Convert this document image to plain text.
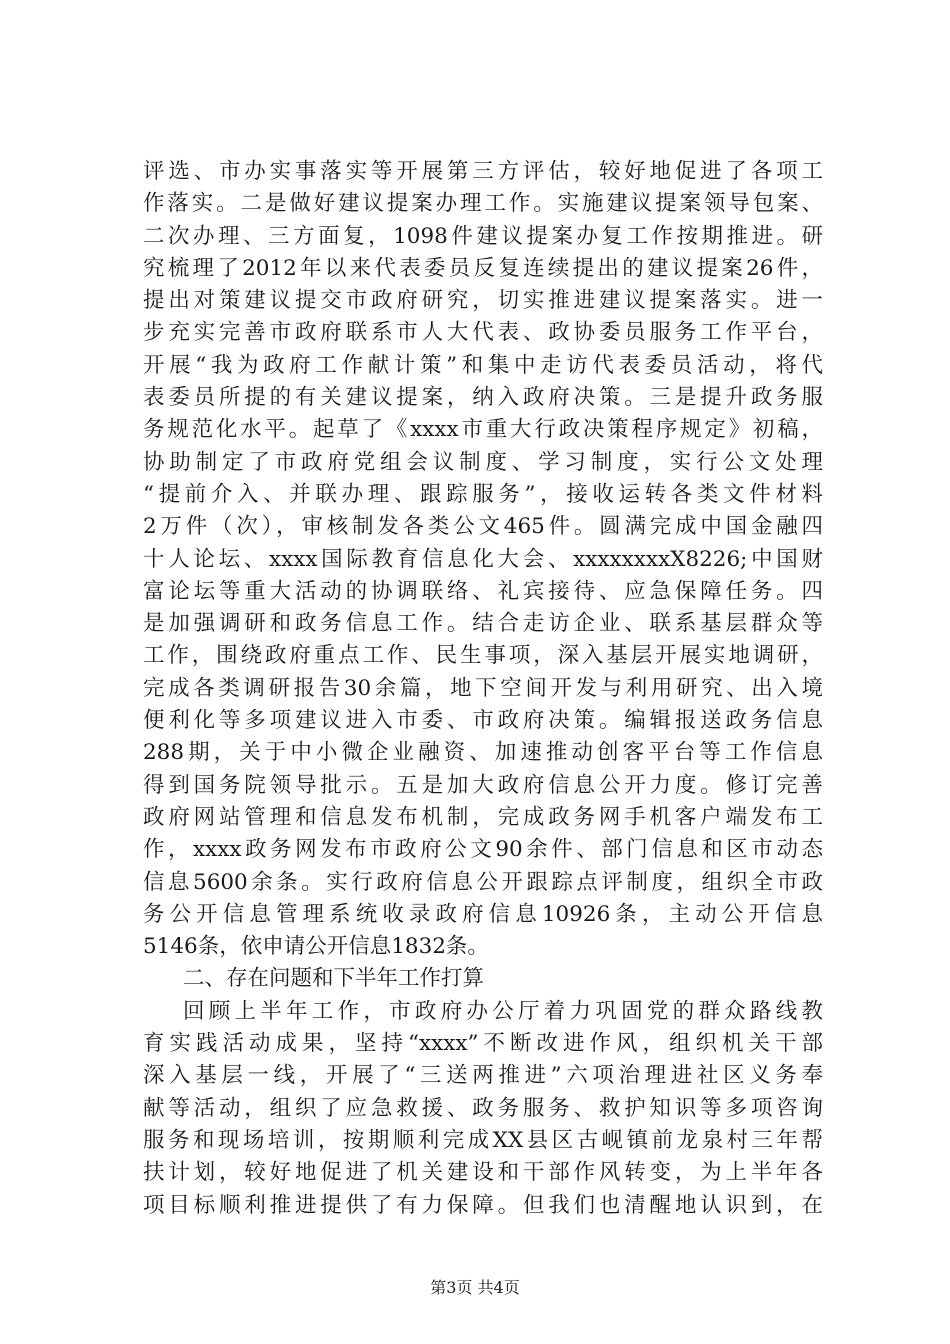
评选、市办实事落实等开展第三方评估，较好地促进了各项工
作落实。二是做好建议提案办理工作。实施建议提案领导包案、
二次办理、三方面复，1098件建议提案办复工作按期推进。研
究梳理了2012年以来代表委员反复连续提出的建议提案26件，
提出对策建议提交市政府研究，切实推进建议提案落实。进一
步充实完善市政府联系市人大代表、政协委员服务工作平台，
开展“我为政府工作献计策”和集中走访代表委员活动，将代
表委员所提的有关建议提案，纳入政府决策。三是提升政务服
务规范化水平。起草了《xxxx市重大行政决策程序规定》初稿，
协助制定了市政府党组会议制度、学习制度，实行公文处理
“提前介入、并联办理、跟踪服务”，接收运转各类文件材料
2万件（次），审核制发各类公文465件。圆满完成中国金融四
十人论坛、xxxx国际教育信息化大会、xxxxxxxxX8226;中国财
富论坛等重大活动的协调联络、礼宾接待、应急保障任务。四
是加强调研和政务信息工作。结合走访企业、联系基层群众等
工作，围绕政府重点工作、民生事项，深入基层开展实地调研，
完成各类调研报告30余篇，地下空间开发与利用研究、出入境
便利化等多项建议进入市委、市政府决策。编辑报送政务信息
288期，关于中小微企业融资、加速推动创客平台等工作信息
得到国务院领导批示。五是加大政府信息公开力度。修订完善
政府网站管理和信息发布机制，完成政务网手机客户端发布工
作，xxxx政务网发布市政府公文90余件、部门信息和区市动态
信息5600余条。实行政府信息公开跟踪点评制度，组织全市政
务公开信息管理系统收录政府信息10926条，主动公开信息
5146条，依申请公开信息1832条。
二、存在问题和下半年工作打算
回顾上半年工作，市政府办公厅着力巩固党的群众路线教
育实践活动成果，坚持“xxxx”不断改进作风，组织机关干部
深入基层一线，开展了“三送两推进”六项治理进社区义务奉
献等活动，组织了应急救援、政务服务、救护知识等多项咨询
服务和现场培训，按期顺利完成XX县区古岘镇前龙泉村三年帮
扶计划，较好地促进了机关建设和干部作风转变，为上半年各
项目标顺利推进提供了有力保障。但我们也清醒地认识到，在
第3页 共4页
